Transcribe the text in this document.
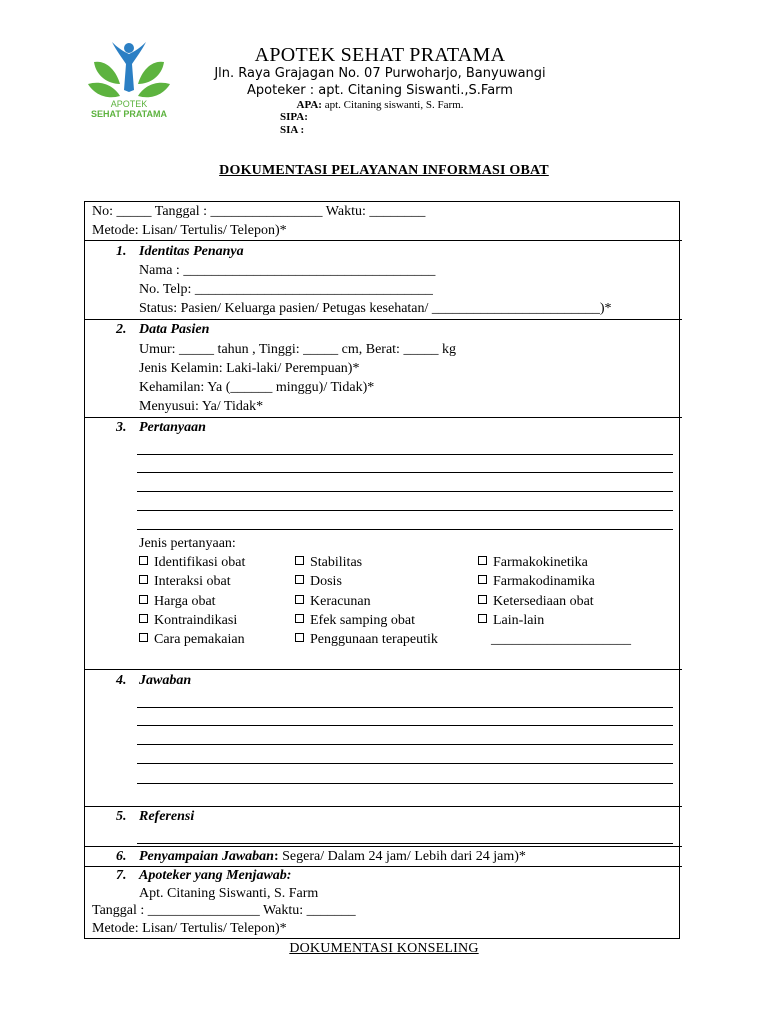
APOTEK
SEHAT PRATAMA
APOTEK SEHAT PRATAMA
Jln. Raya Grajagan No. 07 Purwoharjo, Banyuwangi
Apoteker : apt. Citaning Siswanti.,S.Farm
APA: apt. Citaning siswanti, S. Farm.
SIPA:
SIA :
DOKUMENTASI PELAYANAN INFORMASI OBAT
No: _____ Tanggal : ________________ Waktu: ________
Metode: Lisan/ Tertulis/ Telepon)*
1. Identitas Penanya
Nama : ____________________________________
No. Telp: __________________________________
Status: Pasien/ Keluarga pasien/ Petugas kesehatan/ ________________________)*
2. Data Pasien
Umur: _____ tahun , Tinggi: _____ cm, Berat: _____ kg
Jenis Kelamin: Laki-laki/ Perempuan)*
Kehamilan: Ya (______ minggu)/ Tidak)*
Menyusui: Ya/ Tidak*
3. Pertanyaan
Jenis pertanyaan:
Identifikasi obat
Interaksi obat
Harga obat
Kontraindikasi
Cara pemakaian
Stabilitas
Dosis
Keracunan
Efek samping obat
Penggunaan terapeutik
Farmakokinetika
Farmakodinamika
Ketersediaan obat
Lain-lain
____________________
4. Jawaban
5. Referensi
6. Penyampaian Jawaban: Segera/ Dalam 24 jam/ Lebih dari 24 jam)*
7. Apoteker yang Menjawab:
Apt. Citaning Siswanti, S. Farm
Tanggal : ________________ Waktu: _______
Metode: Lisan/ Tertulis/ Telepon)*
DOKUMENTASI KONSELING
